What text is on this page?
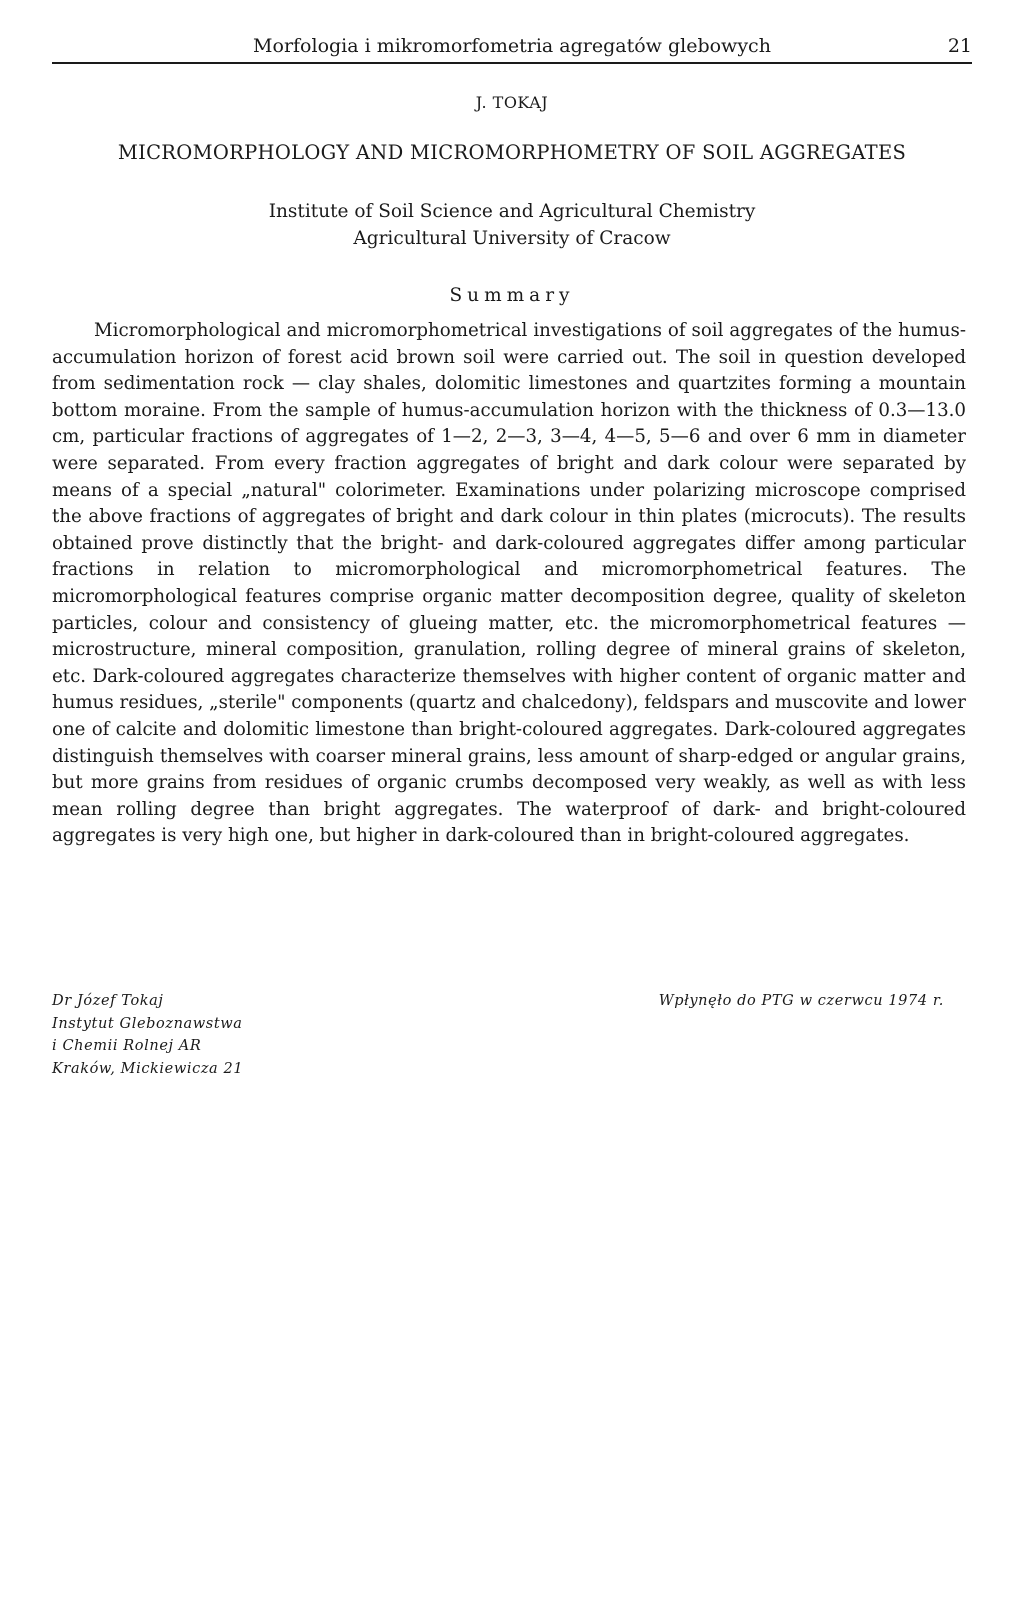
Morfologia i mikromorfometria agregatów glebowych	21
J. TOKAJ
MICROMORPHOLOGY AND MICROMORPHOMETRY OF SOIL AGGREGATES
Institute of Soil Science and Agricultural Chemistry
Agricultural University of Cracow
Summary

Micromorphological and micromorphometrical investigations of soil aggregates of the humus-accumulation horizon of forest acid brown soil were carried out. The soil in question developed from sedimentation rock — clay shales, dolomitic limestones and quartzites forming a mountain bottom moraine. From the sample of humus-accumulation horizon with the thickness of 0.3—13.0 cm, particular fractions of aggregates of 1—2, 2—3, 3—4, 4—5, 5—6 and over 6 mm in diameter were separated. From every fraction aggregates of bright and dark colour were separated by means of a special „natural" colorimeter. Examinations under polarizing microscope comprised the above fractions of aggregates of bright and dark colour in thin plates (microcuts). The results obtained prove distinctly that the bright- and dark-coloured aggregates differ among particular fractions in relation to micromorphological and micromorphometrical features. The micromorphological features comprise organic matter decomposition degree, quality of skeleton particles, colour and consistency of glueing matter, etc. the micromorphometrical features — microstructure, mineral composition, granulation, rolling degree of mineral grains of skeleton, etc. Dark-coloured aggregates characterize themselves with higher content of organic matter and humus residues, „sterile" components (quartz and chalcedony), feldspars and muscovite and lower one of calcite and dolomitic limestone than bright-coloured aggregates. Dark-coloured aggregates distinguish themselves with coarser mineral grains, less amount of sharp-edged or angular grains, but more grains from residues of organic crumbs decomposed very weakly, as well as with less mean rolling degree than bright aggregates. The waterproof of dark- and bright-coloured aggregates is very high one, but higher in dark-coloured than in bright-coloured aggregates.

Dr Józef Tokaj
Instytut Gleboznawstwa
i Chemii Rolnej AR
Kraków, Mickiewicza 21
Wpłynęło do PTG w czerwcu 1974 r.
